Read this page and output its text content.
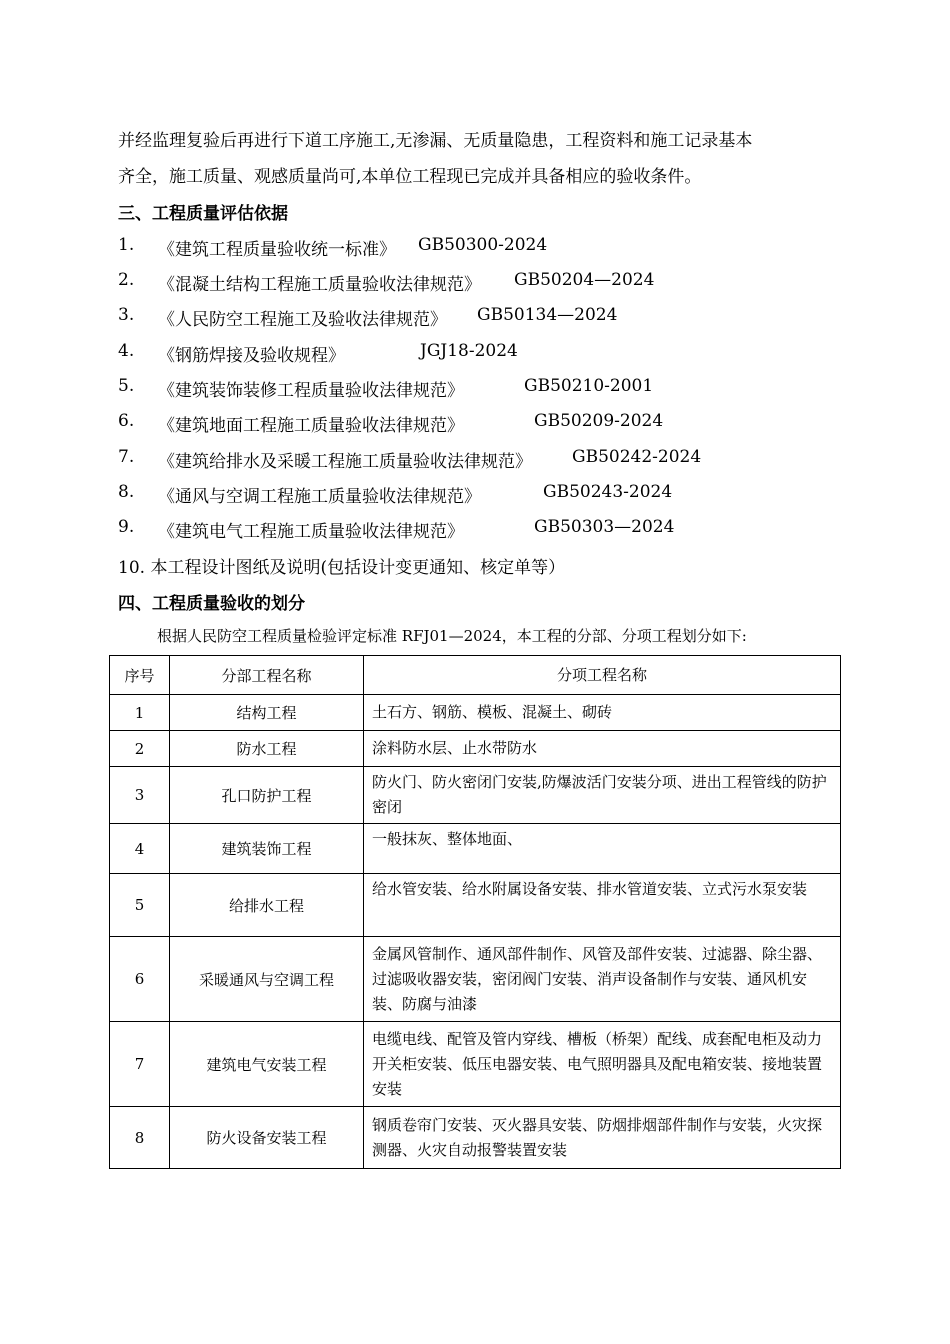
并经监理复验后再进行下道工序施工,无渗漏、无质量隐患，工程资料和施工记录基本
齐全，施工质量、观感质量尚可,本单位工程现已完成并具备相应的验收条件。
三、工程质量评估依据
1. 《建筑工程质量验收统一标准》 GB50300-2024
2. 《混凝土结构工程施工质量验收法律规范》 GB50204—2024
3. 《人民防空工程施工及验收法律规范》 GB50134—2024
4. 《钢筋焊接及验收规程》	JGJ18-2024
5. 《建筑装饰装修工程质量验收法律规范》	GB50210-2001
6. 《建筑地面工程施工质量验收法律规范》	GB50209-2024
7. 《建筑给排水及采暖工程施工质量验收法律规范》 GB50242-2024
8. 《通风与空调工程施工质量验收法律规范》	GB50243-2024
9. 《建筑电气工程施工质量验收法律规范》	GB50303—2024
10. 本工程设计图纸及说明(包括设计变更通知、核定单等）
四、工程质量验收的划分
根据人民防空工程质量检验评定标准 RFJ01—2024，本工程的分部、分项工程划分如下:
序号	分部工程名称	分项工程名称
1	结构工程	土石方、钢筋、模板、混凝土、砌砖
2	防水工程	涂料防水层、止水带防水
3	孔口防护工程	防火门、防火密闭门安装,防爆波活门安装分项、进出工程管线的防护密闭
4	建筑装饰工程	一般抹灰、整体地面、
5	给排水工程	给水管安装、给水附属设备安装、排水管道安装、立式污水泵安装
6	采暖通风与空调工程	金属风管制作、通风部件制作、风管及部件安装、过滤器、除尘器、过滤吸收器安装，密闭阀门安装、消声设备制作与安装、通风机安装、防腐与油漆
7	建筑电气安装工程	电缆电线、配管及管内穿线、槽板（桥架）配线、成套配电柜及动力开关柜安装、低压电器安装、电气照明器具及配电箱安装、接地装置安装
8	防火设备安装工程	钢质卷帘门安装、灭火器具安装、防烟排烟部件制作与安装，火灾探测器、火灾自动报警装置安装
